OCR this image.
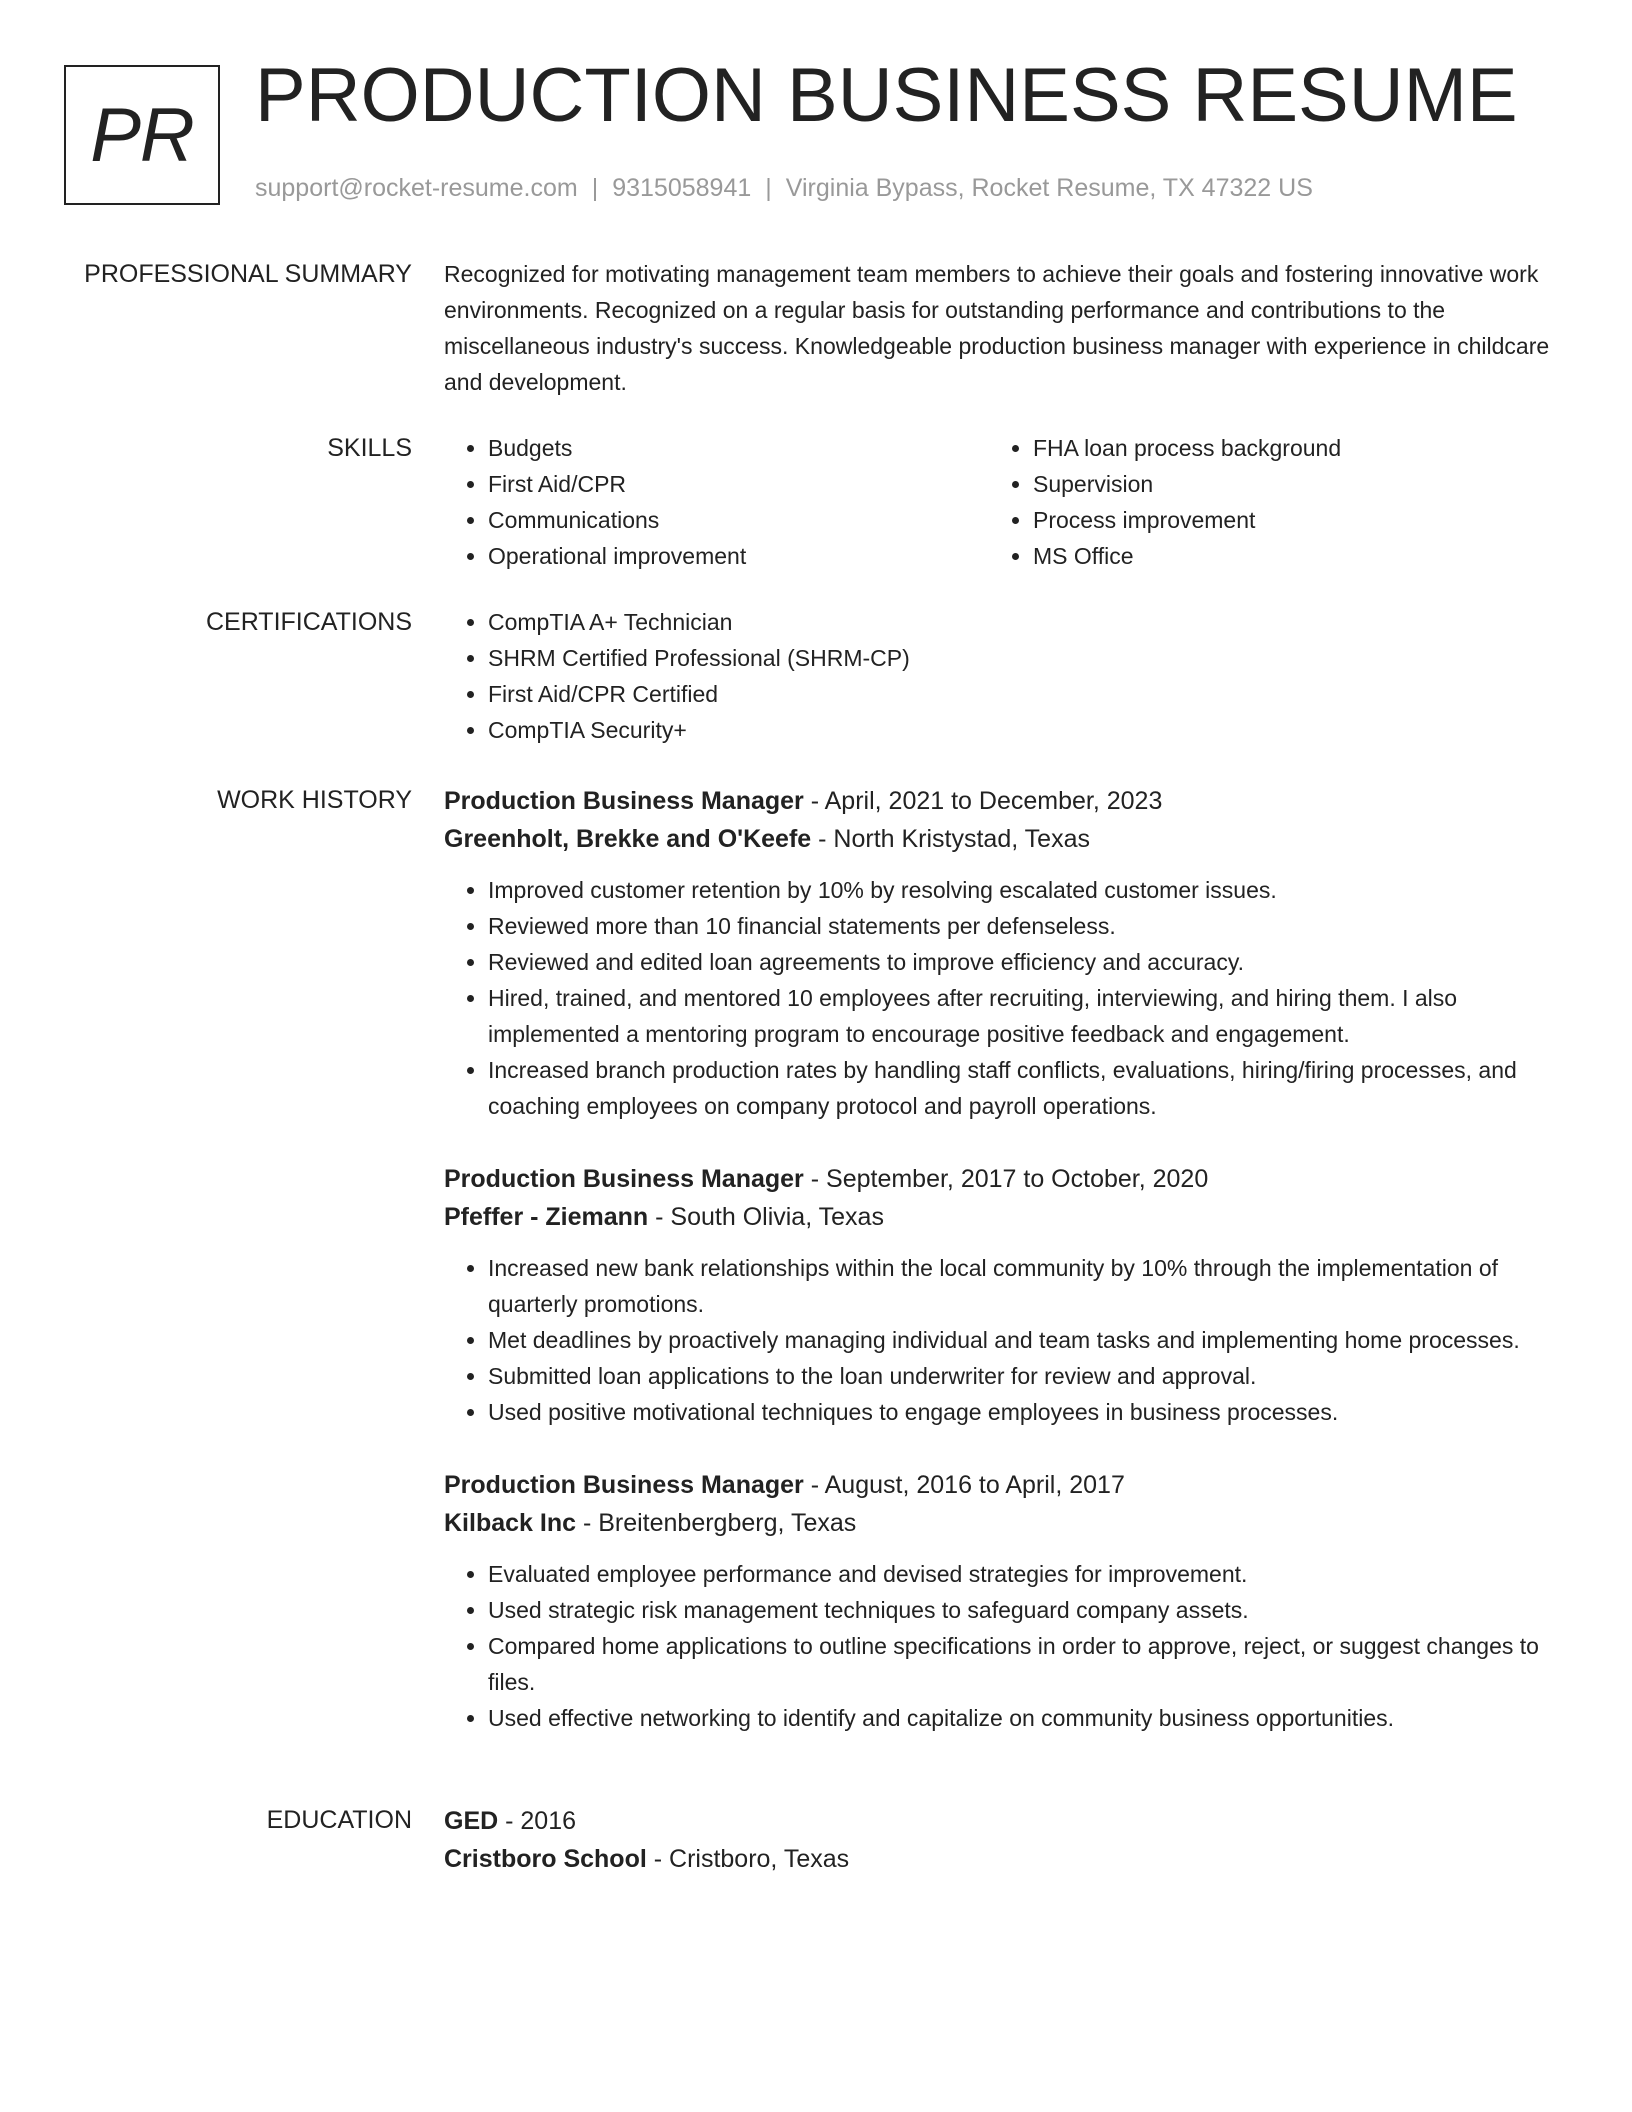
PR PRODUCTION BUSINESS RESUME
support@rocket-resume.com | 9315058941 | Virginia Bypass, Rocket Resume, TX 47322 US
PROFESSIONAL SUMMARY Recognized for motivating management team members to achieve their goals and fostering innovative work environments. Recognized on a regular basis for outstanding performance and contributions to the miscellaneous industry's success. Knowledgeable production business manager with experience in childcare and development.

SKILLS	• Budgets
• First Aid/CPR
• Communications
• Operational improvement
• FHA loan process background
• Supervision
• Process improvement
• MS Office
CERTIFICATIONS	• CompTIA A+ Technician
• SHRM Certified Professional (SHRM-CP)
• First Aid/CPR Certified
• CompTIA Security+
WORK HISTORY Production Business Manager - April, 2021 to December, 2023
Greenholt, Brekke and O'Keefe - North Kristystad, Texas
• Improved customer retention by 10% by resolving escalated customer issues.
• Reviewed more than 10 financial statements per defenseless.
• Reviewed and edited loan agreements to improve efficiency and accuracy.
• Hired, trained, and mentored 10 employees after recruiting, interviewing, and hiring them. I also implemented a mentoring program to encourage positive feedback and engagement.
• Increased branch production rates by handling staff conflicts, evaluations, hiring/firing processes, and coaching employees on company protocol and payroll operations.
Production Business Manager - September, 2017 to October, 2020
Pfeffer - Ziemann - South Olivia, Texas
• Increased new bank relationships within the local community by 10% through the implementation of quarterly promotions.
• Met deadlines by proactively managing individual and team tasks and implementing home processes.
• Submitted loan applications to the loan underwriter for review and approval.
• Used positive motivational techniques to engage employees in business processes.
Production Business Manager - August, 2016 to April, 2017
Kilback Inc - Breitenbergberg, Texas
• Evaluated employee performance and devised strategies for improvement.
• Used strategic risk management techniques to safeguard company assets.
• Compared home applications to outline specifications in order to approve, reject, or suggest changes to files.
• Used effective networking to identify and capitalize on community business opportunities.
EDUCATION GED - 2016
Cristboro School - Cristboro, Texas
